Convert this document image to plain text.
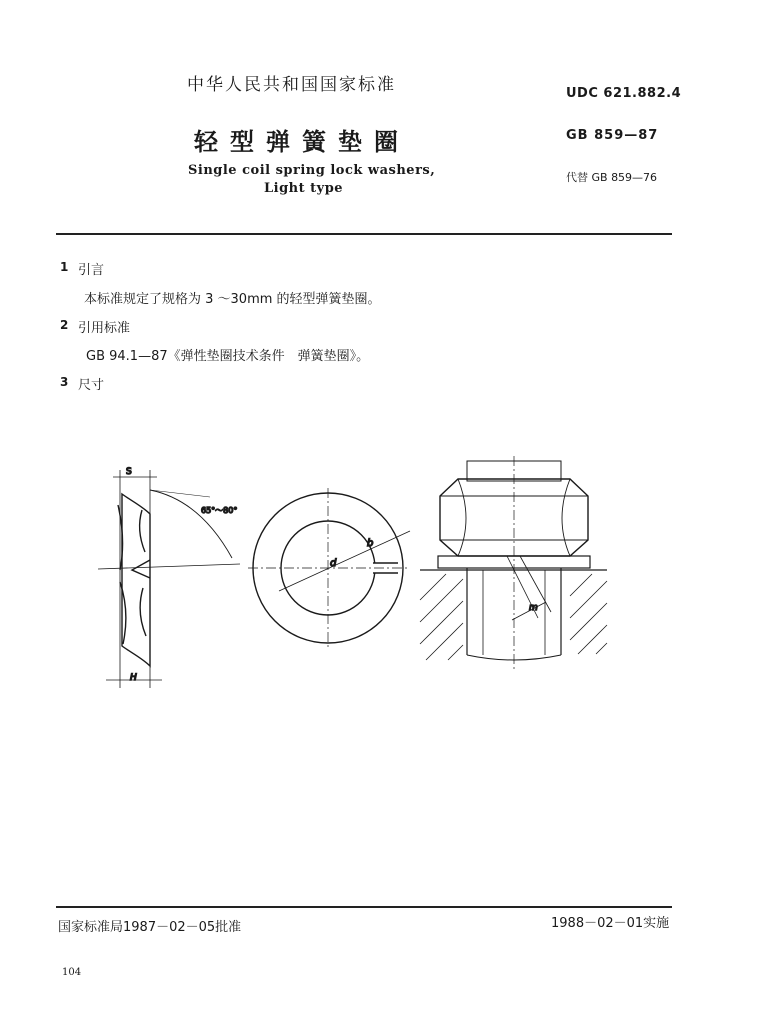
中华人民共和国国家标准
轻型弹簧垫圈
Single coil spring lock washers,
Light type
UDC 621.882.4
GB 859—87
代替 GB 859—76
1 引言
本标准规定了规格为 3 ～30mm 的轻型弹簧垫圈。
2 引用标准
GB 94.1—87《弹性垫圈技术条件　弹簧垫圈》。
3 尺寸
S
65°～80°
H
d
b
m
国家标准局1987－02－05批准	1988－02－01实施
104
